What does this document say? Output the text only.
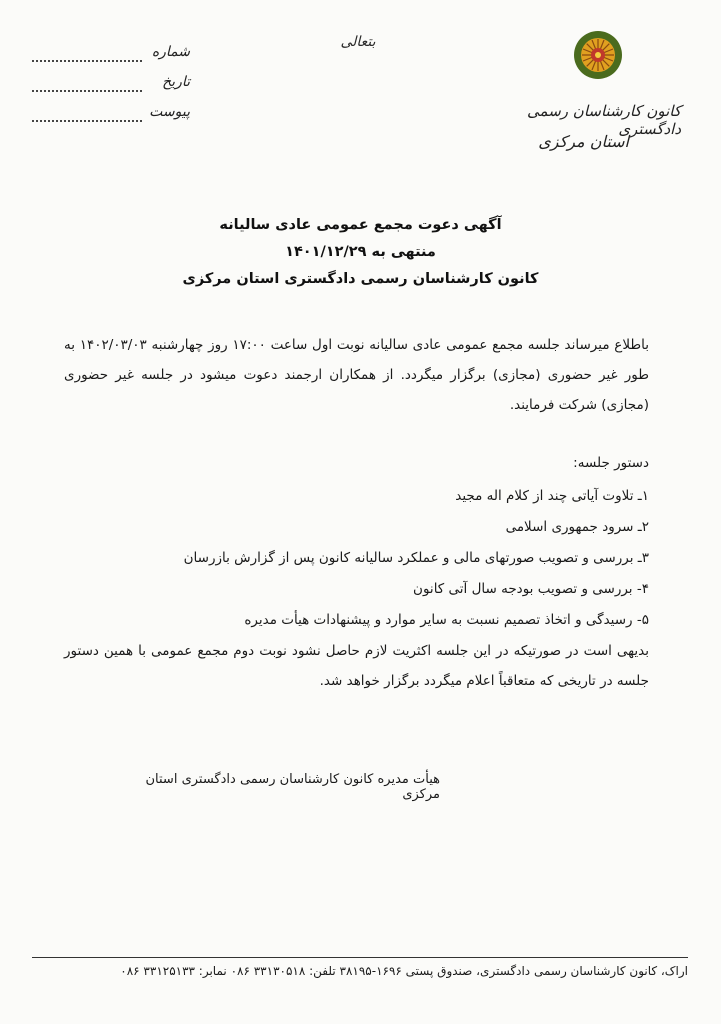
بتعالی
کانون کارشناسان رسمی دادگستری
استان مرکزی
شماره
تاریخ
پیوست
آگهی دعوت مجمع عمومی عادی سالیانه
منتهی به ۱۴۰۱/۱۲/۲۹
کانون کارشناسان رسمی دادگستری استان مرکزی
باطلاع میرساند جلسه مجمع عمومی عادی سالیانه نوبت اول ساعت ۱۷:۰۰ روز چهارشنبه ۱۴۰۲/۰۳/۰۳ به طور غیر حضوری (مجازی) برگزار میگردد. از همکاران ارجمند دعوت میشود در جلسه غیر حضوری (مجازی) شرکت فرمایند.
دستور جلسه:
۱ـ تلاوت آیاتی چند از کلام اله مجید
۲ـ سرود جمهوری اسلامی
۳ـ بررسی و تصویب صورتهای مالی و عملکرد سالیانه کانون پس از گزارش بازرسان
۴- بررسی و تصویب بودجه سال آتی کانون
۵- رسیدگی و اتخاذ تصمیم نسبت به سایر موارد و پیشنهادات هیأت مدیره
بدیهی است در صورتیکه در این جلسه اکثریت لازم حاصل نشود نوبت دوم مجمع عمومی با همین دستور جلسه در تاریخی که متعاقباً اعلام میگردد برگزار خواهد شد.
هیأت مدیره کانون کارشناسان رسمی دادگستری استان مرکزی
اراک، کانون کارشناسان رسمی دادگستری، صندوق پستی ۱۶۹۶-۳۸۱۹۵ تلفن: ۳۳۱۳۰۵۱۸ ۰۸۶ نمابر: ۳۳۱۲۵۱۳۳ ۰۸۶
